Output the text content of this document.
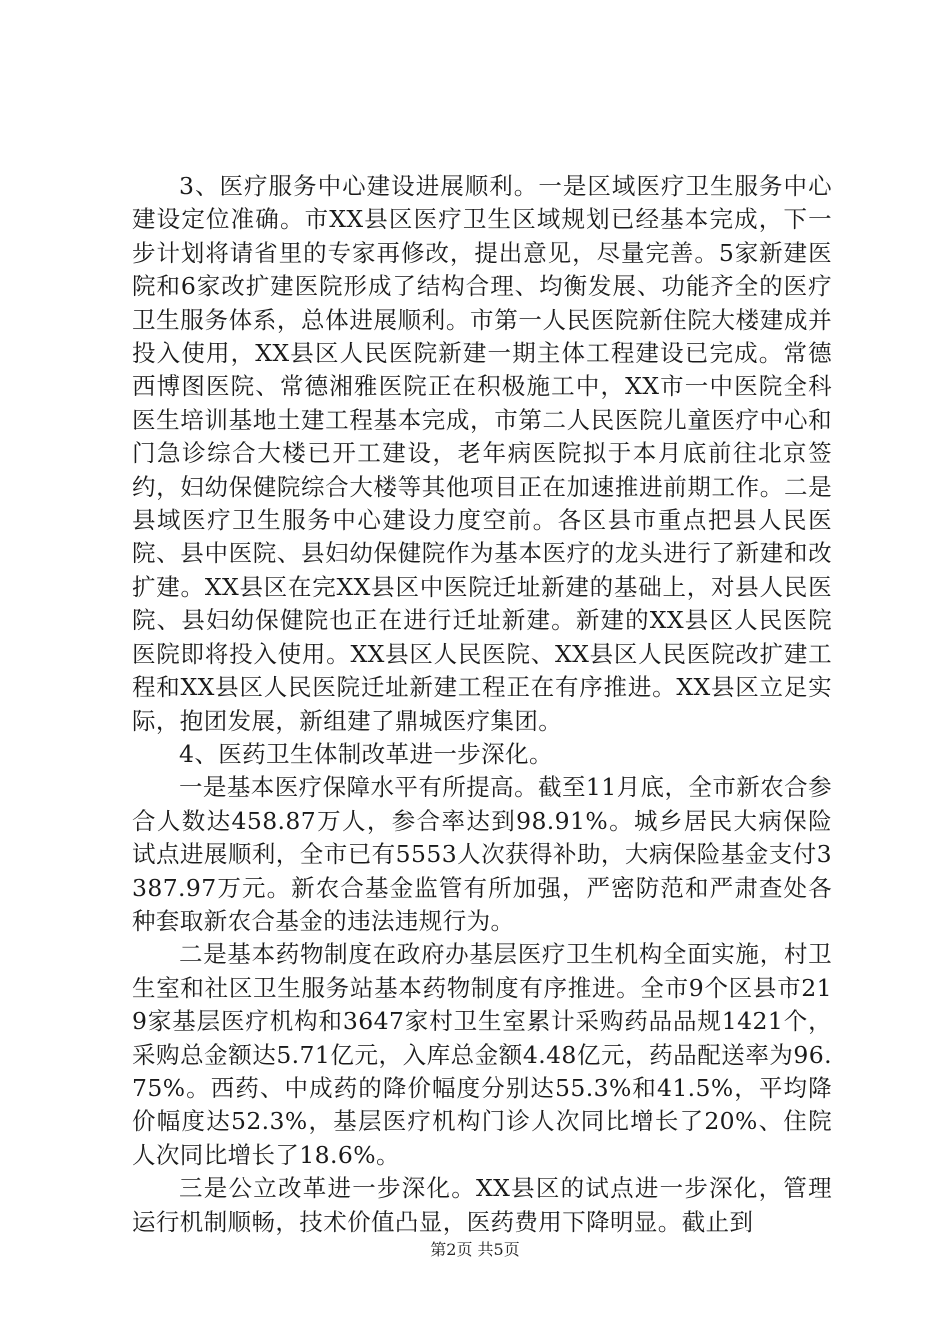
3、医疗服务中心建设进展顺利。一是区域医疗卫生服务中心建设定位准确。市XX县区医疗卫生区域规划已经基本完成，下一步计划将请省里的专家再修改，提出意见，尽量完善。5家新建医院和6家改扩建医院形成了结构合理、均衡发展、功能齐全的医疗卫生服务体系，总体进展顺利。市第一人民医院新住院大楼建成并投入使用，XX县区人民医院新建一期主体工程建设已完成。常德西博图医院、常德湘雅医院正在积极施工中，XX市一中医院全科医生培训基地土建工程基本完成，市第二人民医院儿童医疗中心和门急诊综合大楼已开工建设，老年病医院拟于本月底前往北京签约，妇幼保健院综合大楼等其他项目正在加速推进前期工作。二是县域医疗卫生服务中心建设力度空前。各区县市重点把县人民医院、县中医院、县妇幼保健院作为基本医疗的龙头进行了新建和改扩建。XX县区在完XX县区中医院迁址新建的基础上，对县人民医院、县妇幼保健院也正在进行迁址新建。新建的XX县区人民医院医院即将投入使用。XX县区人民医院、XX县区人民医院改扩建工程和XX县区人民医院迁址新建工程正在有序推进。XX县区立足实际，抱团发展，新组建了鼎城医疗集团。

4、医药卫生体制改革进一步深化。

一是基本医疗保障水平有所提高。截至11月底，全市新农合参合人数达458.87万人，参合率达到98.91%。城乡居民大病保险试点进展顺利，全市已有5553人次获得补助，大病保险基金支付3387.97万元。新农合基金监管有所加强，严密防范和严肃查处各种套取新农合基金的违法违规行为。

二是基本药物制度在政府办基层医疗卫生机构全面实施，村卫生室和社区卫生服务站基本药物制度有序推进。全市9个区县市219家基层医疗机构和3647家村卫生室累计采购药品品规1421个，采购总金额达5.71亿元，入库总金额4.48亿元，药品配送率为96.75%。西药、中成药的降价幅度分别达55.3%和41.5%，平均降价幅度达52.3%，基层医疗机构门诊人次同比增长了20%、住院人次同比增长了18.6%。

三是公立改革进一步深化。XX县区的试点进一步深化，管理运行机制顺畅，技术价值凸显，医药费用下降明显。截止到

第2页 共5页
